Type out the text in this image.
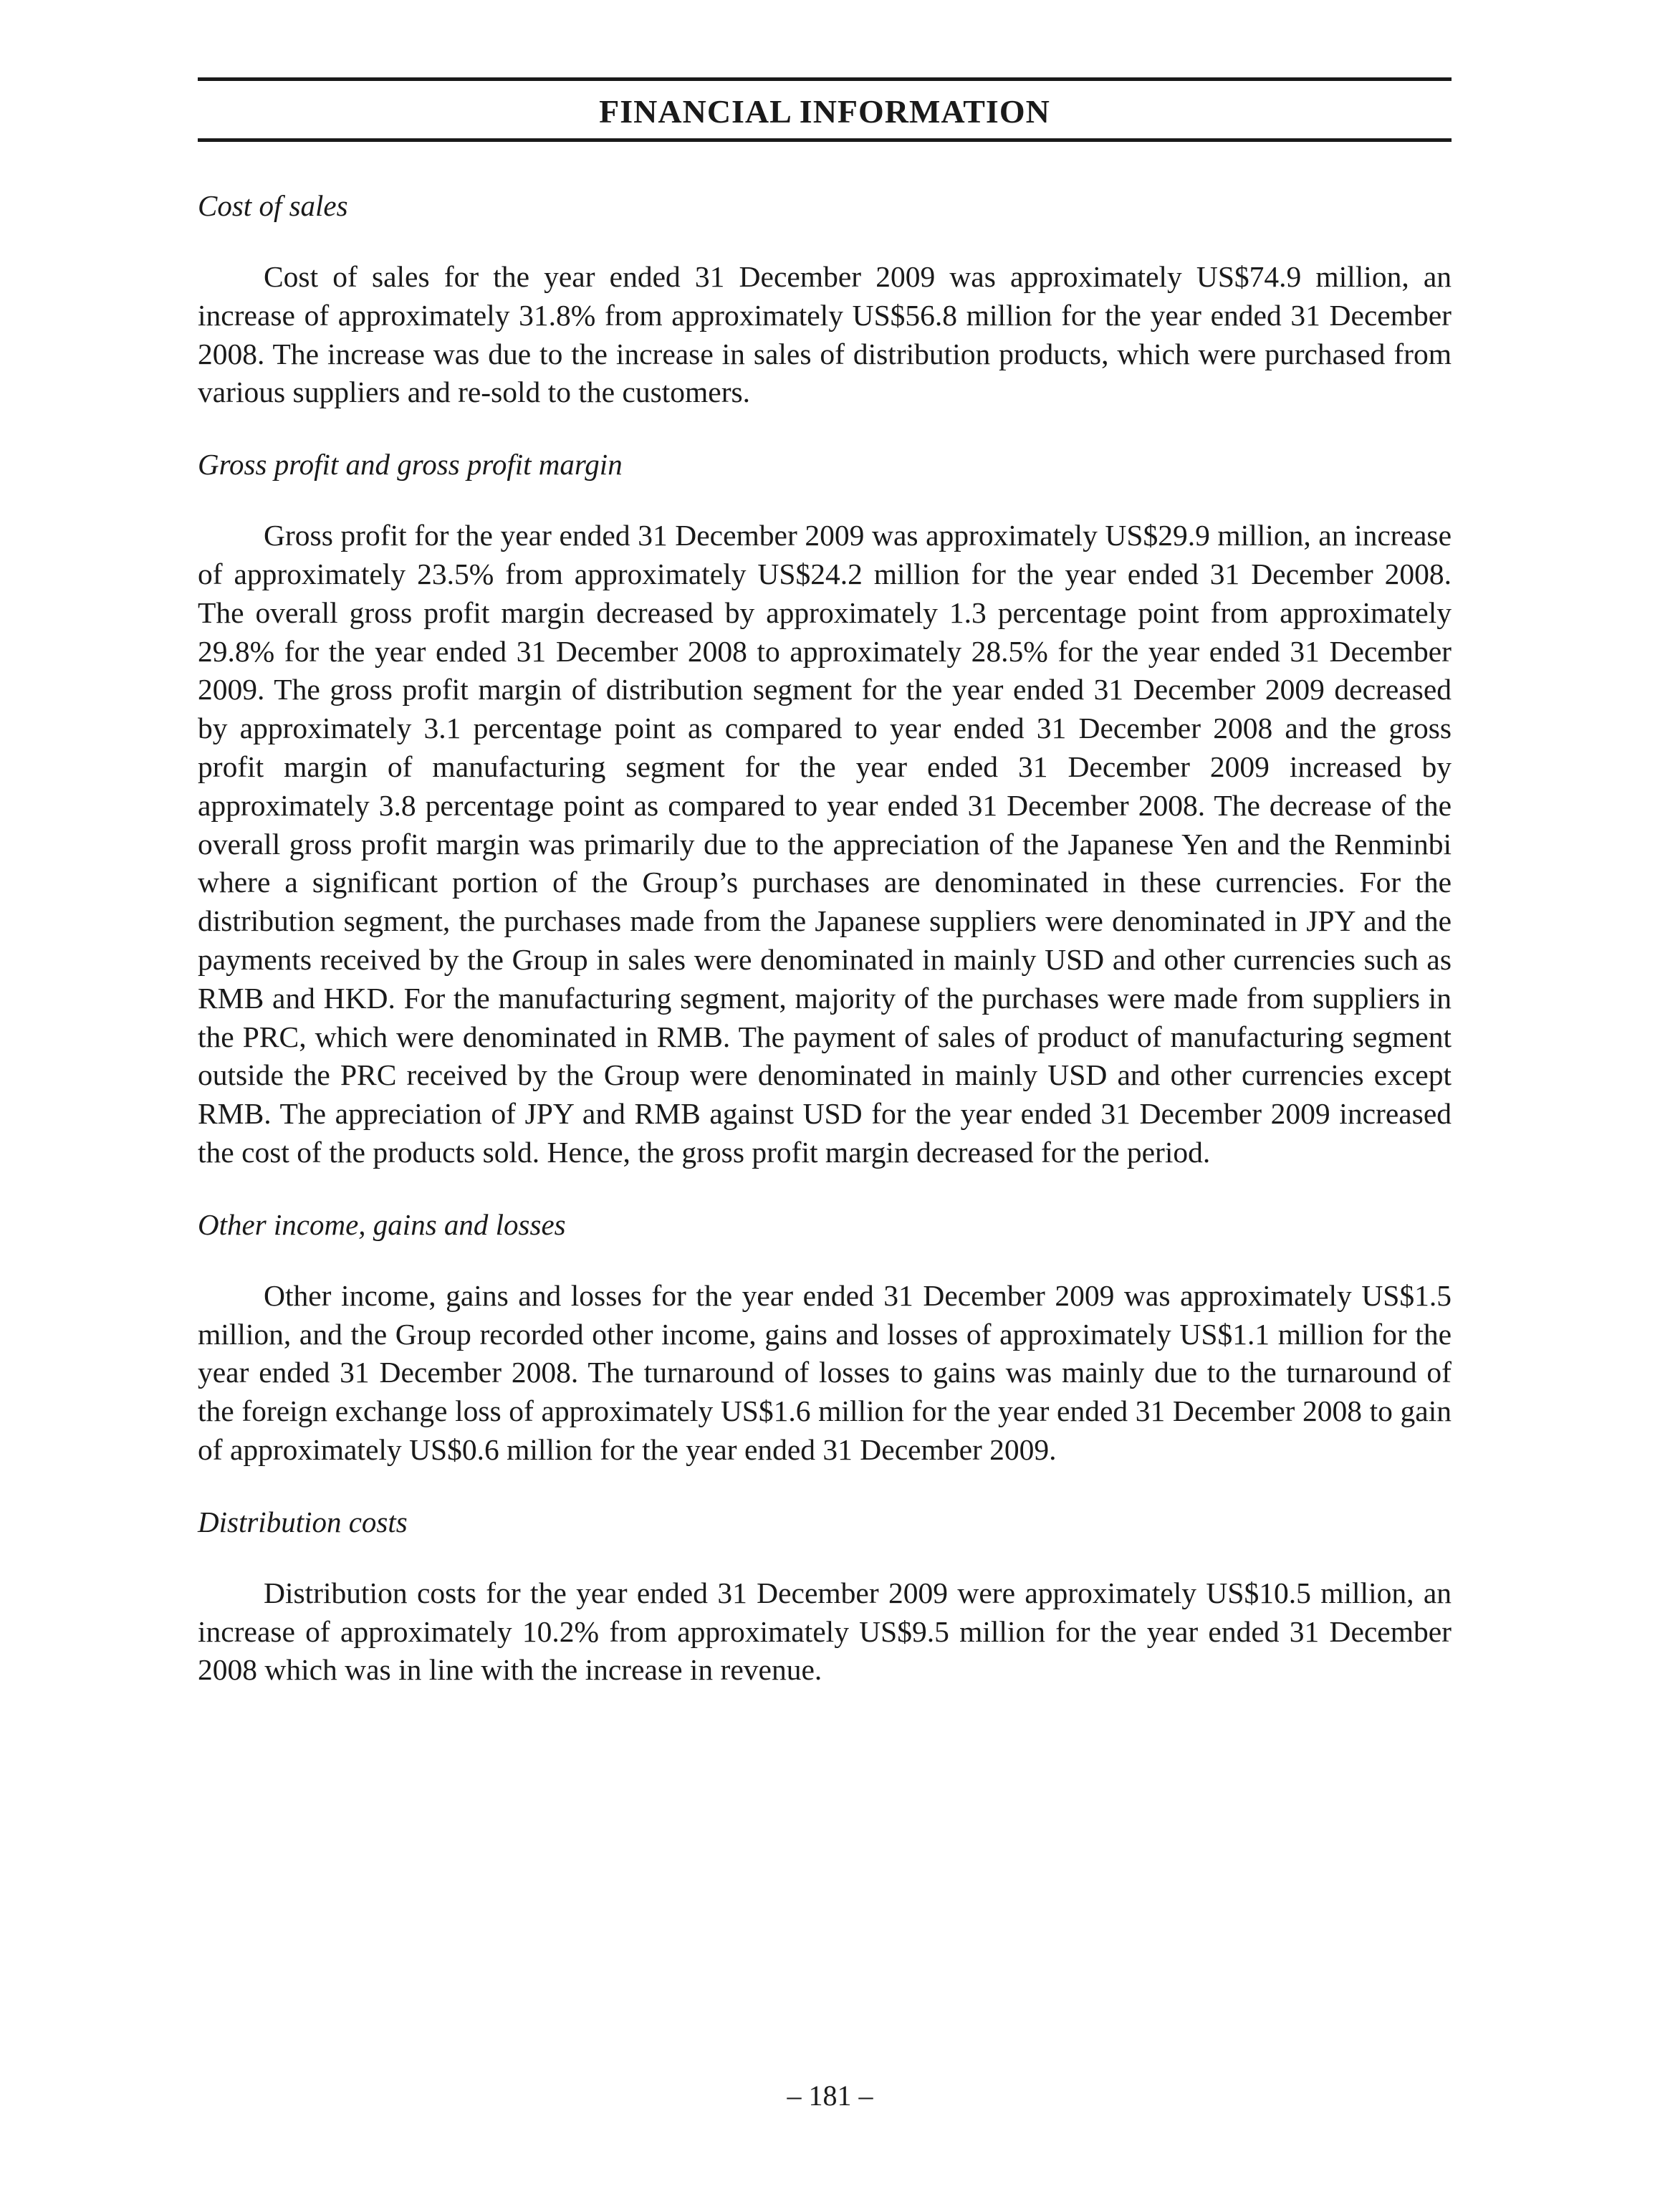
FINANCIAL INFORMATION

Cost of sales

Cost of sales for the year ended 31 December 2009 was approximately US$74.9 million, an increase of approximately 31.8% from approximately US$56.8 million for the year ended 31 December 2008. The increase was due to the increase in sales of distribution products, which were purchased from various suppliers and re-sold to the customers.

Gross profit and gross profit margin

Gross profit for the year ended 31 December 2009 was approximately US$29.9 million, an increase of approximately 23.5% from approximately US$24.2 million for the year ended 31 December 2008. The overall gross profit margin decreased by approximately 1.3 percentage point from approximately 29.8% for the year ended 31 December 2008 to approximately 28.5% for the year ended 31 December 2009. The gross profit margin of distribution segment for the year ended 31 December 2009 decreased by approximately 3.1 percentage point as compared to year ended 31 December 2008 and the gross profit margin of manufacturing segment for the year ended 31 December 2009 increased by approximately 3.8 percentage point as compared to year ended 31 December 2008. The decrease of the overall gross profit margin was primarily due to the appreciation of the Japanese Yen and the Renminbi where a significant portion of the Group’s purchases are denominated in these currencies. For the distribution segment, the purchases made from the Japanese suppliers were denominated in JPY and the payments received by the Group in sales were denominated in mainly USD and other currencies such as RMB and HKD. For the manufacturing segment, majority of the purchases were made from suppliers in the PRC, which were denominated in RMB. The payment of sales of product of manufacturing segment outside the PRC received by the Group were denominated in mainly USD and other currencies except RMB. The appreciation of JPY and RMB against USD for the year ended 31 December 2009 increased the cost of the products sold. Hence, the gross profit margin decreased for the period.

Other income, gains and losses

Other income, gains and losses for the year ended 31 December 2009 was approximately US$1.5 million, and the Group recorded other income, gains and losses of approximately US$1.1 million for the year ended 31 December 2008. The turnaround of losses to gains was mainly due to the turnaround of the foreign exchange loss of approximately US$1.6 million for the year ended 31 December 2008 to gain of approximately US$0.6 million for the year ended 31 December 2009.

Distribution costs

Distribution costs for the year ended 31 December 2009 were approximately US$10.5 million, an increase of approximately 10.2% from approximately US$9.5 million for the year ended 31 December 2008 which was in line with the increase in revenue.

– 181 –
